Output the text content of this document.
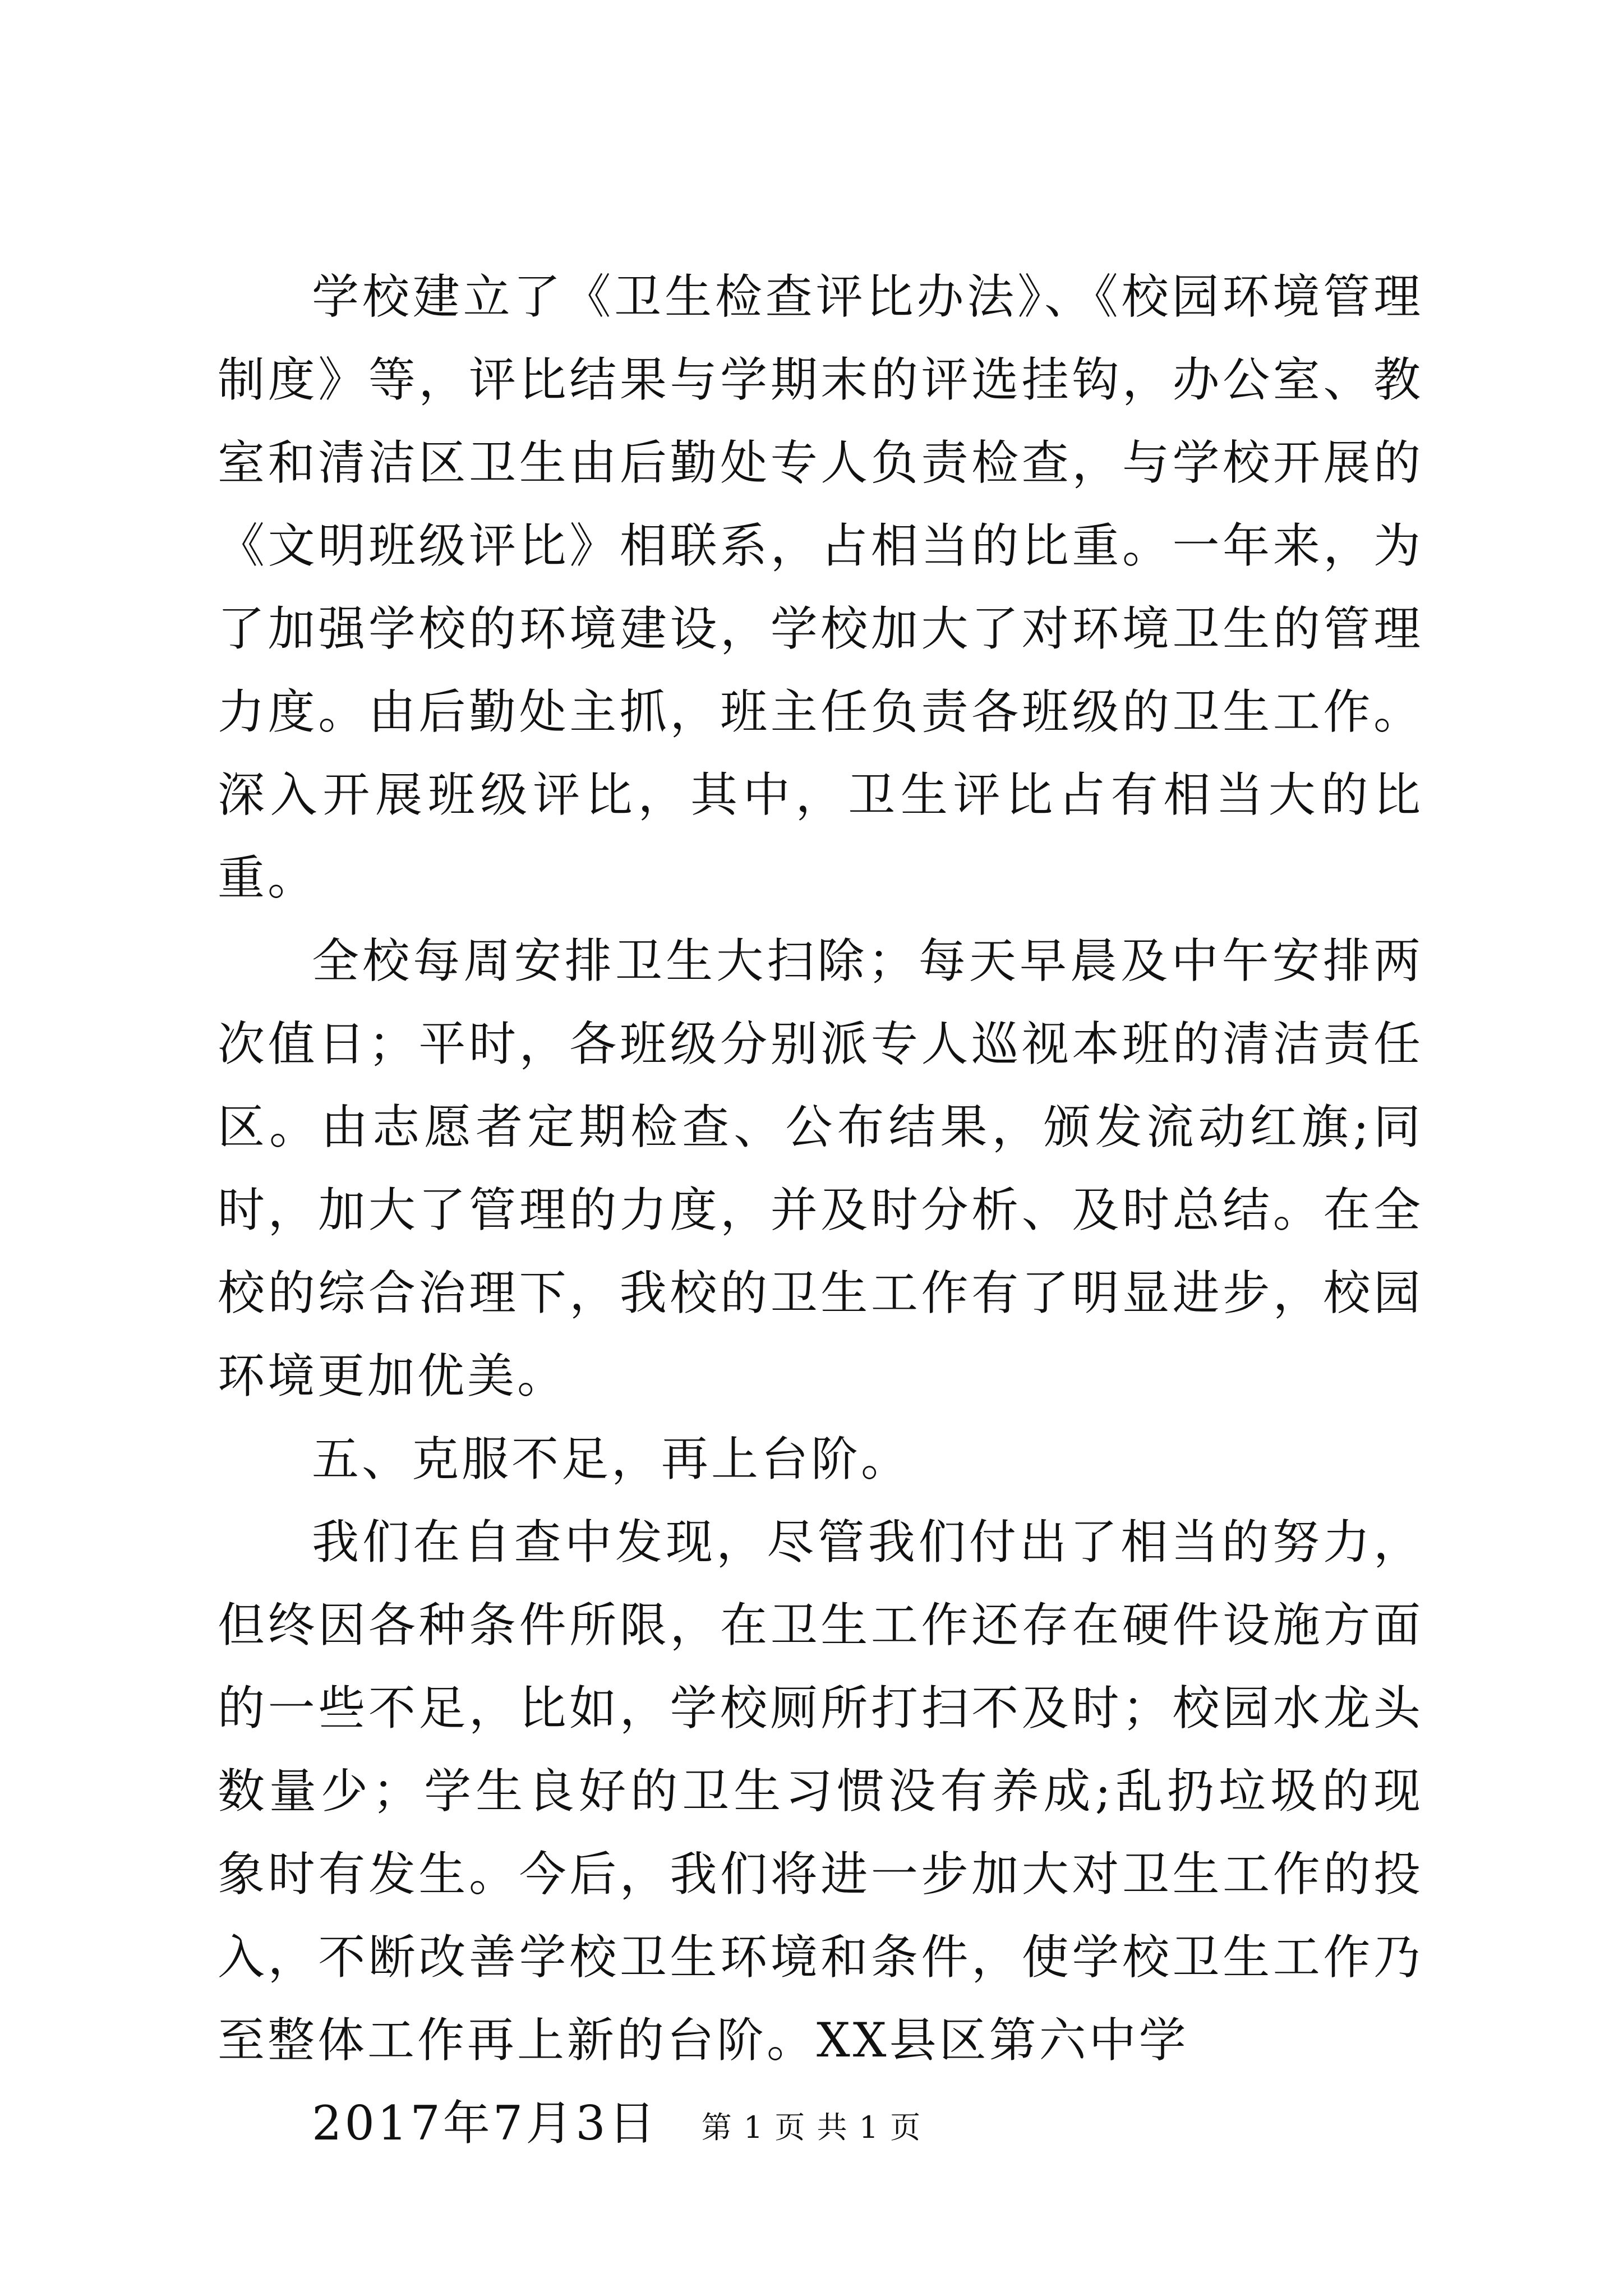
学校建立了《卫生检查评比办法》、《校园环境管理制度》等，评比结果与学期末的评选挂钩，办公室、教室和清洁区卫生由后勤处专人负责检查，与学校开展的《文明班级评比》相联系，占相当的比重。一年来，为了加强学校的环境建设，学校加大了对环境卫生的管理力度。由后勤处主抓，班主任负责各班级的卫生工作。深入开展班级评比，其中，卫生评比占有相当大的比重。

全校每周安排卫生大扫除；每天早晨及中午安排两次值日；平时，各班级分别派专人巡视本班的清洁责任区。由志愿者定期检查、公布结果，颁发流动红旗;同时，加大了管理的力度，并及时分析、及时总结。在全校的综合治理下，我校的卫生工作有了明显进步，校园环境更加优美。

五、克服不足，再上台阶。

我们在自查中发现，尽管我们付出了相当的努力，但终因各种条件所限，在卫生工作还存在硬件设施方面的一些不足，比如，学校厕所打扫不及时；校园水龙头数量少；学生良好的卫生习惯没有养成;乱扔垃圾的现象时有发生。今后，我们将进一步加大对卫生工作的投入，不断改善学校卫生环境和条件，使学校卫生工作乃至整体工作再上新的台阶。XX县区第六中学

2017年7月3日	第 1 页 共 1 页
